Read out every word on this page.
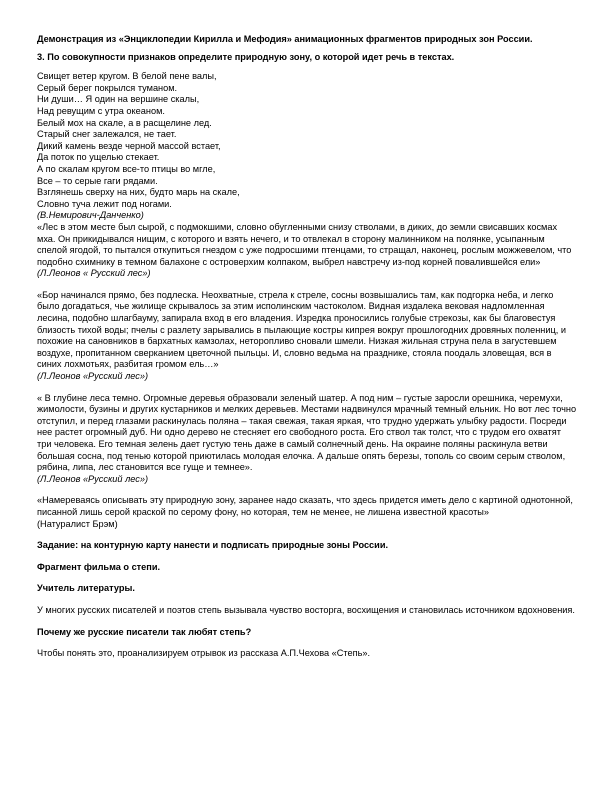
Демонстрация из «Энциклопедии Кирилла и Мефодия» анимационных фрагментов природных зон России.

3. По совокупности признаков определите природную зону, о которой идет речь в текстах.

Свищет ветер кругом. В белой пене валы,
Серый берег покрылся туманом.
Ни души… Я один на вершине скалы,
Над ревущим с утра океаном.
Белый мох на скале, а в расщелине лед.
Старый снег залежался, не тает.
Дикий камень везде черной массой встает,
Да поток по ущелью стекает.
А по скалам кругом все-то птицы во мгле,
Все – то серые гаги рядами.
Взглянешь сверху на них, будто марь на скале,
Словно туча лежит под ногами.
(В.Немирович-Данченко)

«Лес в этом месте был сырой, с подмокшими, словно обугленными снизу стволами, в диких, до земли свисавших космах мха. Он прикидывался нищим, с которого и взять нечего, и то отвлекал в сторону малинником на полянке, усыпанным спелой ягодой, то пытался откупиться гнездом с уже подросшими птенцами, то стращал, наконец, рослым можжевелом, что подобно схимнику в темном балахоне с островерхим колпаком, выбрел навстречу из-под корней повалившейся ели»

(Л.Леонов « Русский лес»)

«Бор начинался прямо, без подлеска. Неохватные, стрела к стреле, сосны возвышались там, как подгорка неба, и легко было догадаться, чье жилище скрывалось за этим исполинским частоколом. Видная издалека вековая надломленная лесина, подобно шлагбауму, запирала вход в его владения. Изредка проносились голубые стрекозы, как бы благовестуя близость тихой воды; пчелы с разлету зарывались в пылающие костры кипрея вокруг прошлогодних дровяных поленниц, и похожие на сановников в бархатных камзолах, неторопливо сновали шмели. Низкая жильная струна пела в загустевшем воздухе, пропитанном сверканием цветочной пыльцы. И, словно ведьма на празднике, стояла поодаль зловещая, вся в синих лохмотьях, разбитая громом ель…»

(Л.Леонов «Русский лес»)

« В глубине леса темно. Огромные деревья образовали зеленый шатер. А под ним – густые заросли орешника, черемухи, жимолости, бузины и других кустарников и мелких деревьев. Местами надвинулся мрачный темный ельник. Но вот лес точно отступил, и перед глазами раскинулась поляна – такая свежая, такая яркая, что трудно удержать улыбку радости. Посреди нее растет огромный дуб. Ни одно дерево не стесняет его свободного роста. Его ствол так толст, что с трудом его охватят три человека. Его темная зелень дает густую тень даже в самый солнечный день. На окраине поляны раскинула ветви большая сосна, под тенью которой приютилась молодая елочка. А дальше опять березы, тополь со своим серым стволом, рябина, липа, лес становится все гуще и темнее».

(Л.Леонов «Русский лес»)

«Намереваясь описывать эту природную зону, заранее надо сказать, что здесь придется иметь дело с картиной однотонной, писанной лишь серой краской по серому фону, но которая, тем не менее, не лишена известной красоты»

(Натуралист Брэм)

Задание: на контурную карту нанести и подписать природные зоны России.

Фрагмент фильма о степи.

Учитель литературы.

У многих русских писателей и поэтов степь вызывала чувство восторга, восхищения и становилась источником вдохновения.

Почему же русские писатели так любят степь?

Чтобы понять это, проанализируем отрывок из рассказа А.П.Чехова «Степь».
